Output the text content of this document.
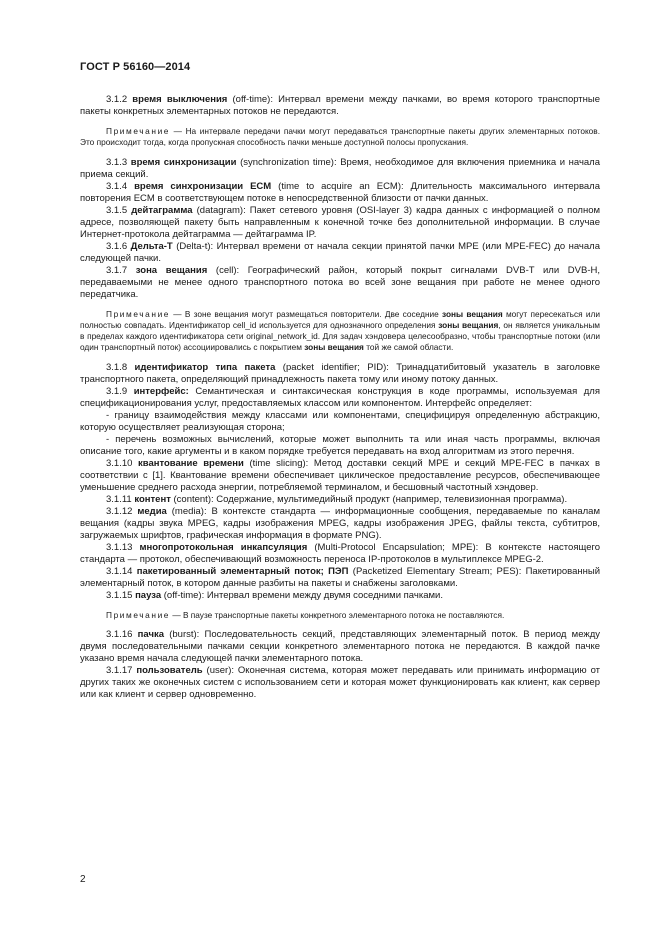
ГОСТ Р 56160—2014

3.1.2 время выключения (off-time): Интервал времени между пачками, во время которого транспортные пакеты конкретных элементарных потоков не передаются.

Примечание — На интервале передачи пачки могут передаваться транспортные пакеты других элементарных потоков. Это происходит тогда, когда пропускная способность пачки меньше доступной полосы пропускания.

3.1.3 время синхронизации (synchronization time): Время, необходимое для включения приемника и начала приема секций.

3.1.4 время синхронизации ECM (time to acquire an ECM): Длительность максимального интервала повторения ECM в соответствующем потоке в непосредственной близости от пачки данных.

3.1.5 дейтаграмма (datagram): Пакет сетевого уровня (OSI-layer 3) кадра данных с информацией о полном адресе, позволяющей пакету быть направленным к конечной точке без дополнительной информации. В случае Интернет-протокола дейтаграмма — дейтаграмма IP.

3.1.6 Дельта-Т (Delta-t): Интервал времени от начала секции принятой пачки MPE (или MPE-FEC) до начала следующей пачки.

3.1.7 зона вещания (cell): Географический район, который покрыт сигналами DVB-T или DVB-H, передаваемыми не менее одного транспортного потока во всей зоне вещания при работе не менее одного передатчика.

Примечание — В зоне вещания могут размещаться повторители. Две соседние зоны вещания могут пересекаться или полностью совпадать. Идентификатор cell_id используется для однозначного определения зоны вещания, он является уникальным в пределах каждого идентификатора сети original_network_id. Для задач хэндовера целесообразно, чтобы транспортные потоки (или один транспортный поток) ассоциировались с покрытием зоны вещания той же самой области.

3.1.8 идентификатор типа пакета (packet identifier; PID): Тринадцатибитовый указатель в заголовке транспортного пакета, определяющий принадлежность пакета тому или иному потоку данных.

3.1.9 интерфейс: Семантическая и синтаксическая конструкция в коде программы, используемая для спецификационирования услуг, предоставляемых классом или компонентом. Интерфейс определяет:

- границу взаимодействия между классами или компонентами, специфицируя определенную абстракцию, которую осуществляет реализующая сторона;

- перечень возможных вычислений, которые может выполнить та или иная часть программы, включая описание того, какие аргументы и в каком порядке требуется передавать на вход алгоритмам из этого перечня.

3.1.10 квантование времени (time slicing): Метод доставки секций MPE и секций MPE-FEC в пачках в соответствии с [1]. Квантование времени обеспечивает циклическое предоставление ресурсов, обеспечивающее уменьшение среднего расхода энергии, потребляемой терминалом, и бесшовный частотный хэндовер.

3.1.11 контент (content): Содержание, мультимедийный продукт (например, телевизионная программа).

3.1.12 медиа (media): В контексте стандарта — информационные сообщения, передаваемые по каналам вещания (кадры звука MPEG, кадры изображения MPEG, кадры изображения JPEG, файлы текста, субтитров, загружаемых шрифтов, графическая информация в формате PNG).

3.1.13 многопротокольная инкапсуляция (Multi-Protocol Encapsulation; MPE): В контексте настоящего стандарта — протокол, обеспечивающий возможность переноса IP-протоколов в мультиплексе MPEG-2.

3.1.14 пакетированный элементарный поток; ПЭП (Packetized Elementary Stream; PES): Пакетированный элементарный поток, в котором данные разбиты на пакеты и снабжены заголовками.

3.1.15 пауза (off-time): Интервал времени между двумя соседними пачками.

Примечание — В паузе транспортные пакеты конкретного элементарного потока не поставляются.

3.1.16 пачка (burst): Последовательность секций, представляющих элементарный поток. В период между двумя последовательными пачками секции конкретного элементарного потока не передаются. В каждой пачке указано время начала следующей пачки элементарного потока.

3.1.17 пользователь (user): Оконечная система, которая может передавать или принимать информацию от других таких же оконечных систем с использованием сети и которая может функционировать как клиент, как сервер или как клиент и сервер одновременно.

2
